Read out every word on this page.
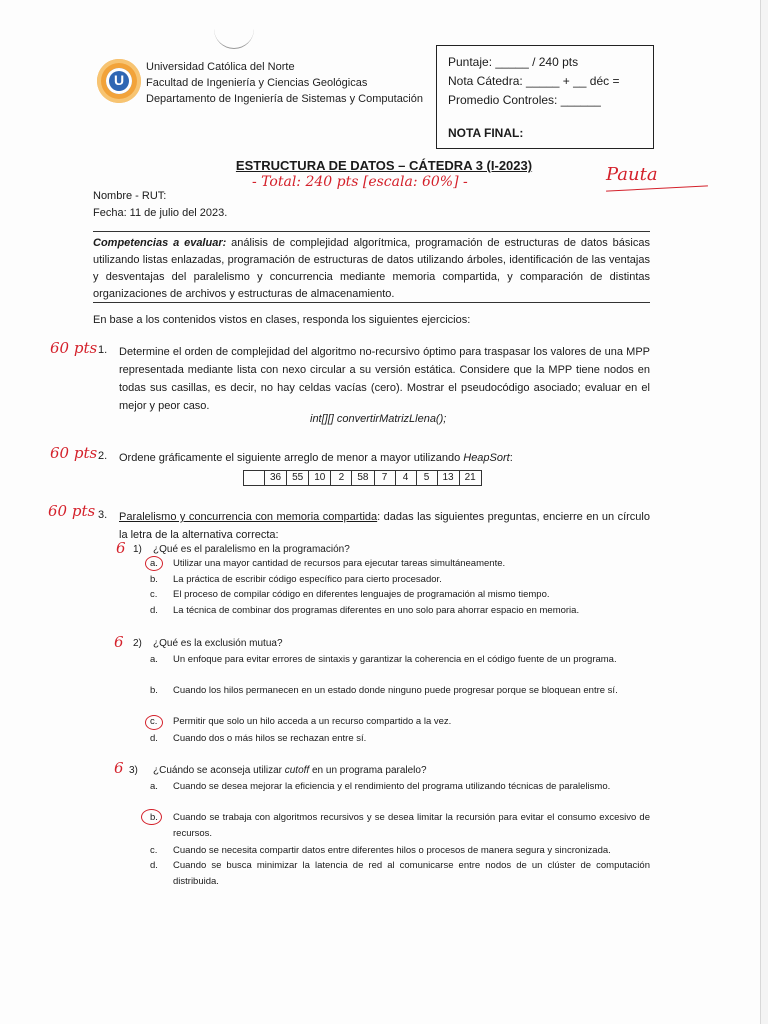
U
Universidad Católica del Norte
Facultad de Ingeniería y Ciencias Geológicas
Departamento de Ingeniería de Sistemas y Computación
Puntaje: _____ / 240 pts
Nota Cátedra: _____ + __ déc =
Promedio Controles: ______
NOTA FINAL:
ESTRUCTURA DE DATOS – CÁTEDRA 3 (I-2023)
- Total: 240 pts [escala: 60%] -	Pauta
Nombre - RUT:
Fecha: 11 de julio del 2023.
Competencias a evaluar: análisis de complejidad algorítmica, programación de estructuras de datos básicas utilizando listas enlazadas, programación de estructuras de datos utilizando árboles, identificación de las ventajas y desventajas del paralelismo y concurrencia mediante memoria compartida, y comparación de distintas organizaciones de archivos y estructuras de almacenamiento.
En base a los contenidos vistos en clases, responda los siguientes ejercicios:
60 pts 1. Determine el orden de complejidad del algoritmo no-recursivo óptimo para traspasar los valores de una MPP representada mediante lista con nexo circular a su versión estática. Considere que la MPP tiene nodos en todas sus casillas, es decir, no hay celdas vacías (cero). Mostrar el pseudocódigo asociado; evaluar en el mejor y peor caso.
int[][] convertirMatrizLlena();
60 pts 2. Ordene gráficamente el siguiente arreglo de menor a mayor utilizando HeapSort:
36	55	10	2	58	7	4	5	13	21
60 pts 3. Paralelismo y concurrencia con memoria compartida: dadas las siguientes preguntas, encierre en un círculo la letra de la alternativa correcta:
6 1) ¿Qué es el paralelismo en la programación?
a. Utilizar una mayor cantidad de recursos para ejecutar tareas simultáneamente.
b. La práctica de escribir código específico para cierto procesador.
c. El proceso de compilar código en diferentes lenguajes de programación al mismo tiempo.
d. La técnica de combinar dos programas diferentes en uno solo para ahorrar espacio en memoria.
6 2) ¿Qué es la exclusión mutua?
a. Un enfoque para evitar errores de sintaxis y garantizar la coherencia en el código fuente de un programa.
b. Cuando los hilos permanecen en un estado donde ninguno puede progresar porque se bloquean entre sí.
c. Permitir que solo un hilo acceda a un recurso compartido a la vez.
d. Cuando dos o más hilos se rechazan entre sí.
6 3) ¿Cuándo se aconseja utilizar cutoff en un programa paralelo?
a. Cuando se desea mejorar la eficiencia y el rendimiento del programa utilizando técnicas de paralelismo.
b. Cuando se trabaja con algoritmos recursivos y se desea limitar la recursión para evitar el consumo excesivo de recursos.
c. Cuando se necesita compartir datos entre diferentes hilos o procesos de manera segura y sincronizada.
d. Cuando se busca minimizar la latencia de red al comunicarse entre nodos de un clúster de computación distribuida.
